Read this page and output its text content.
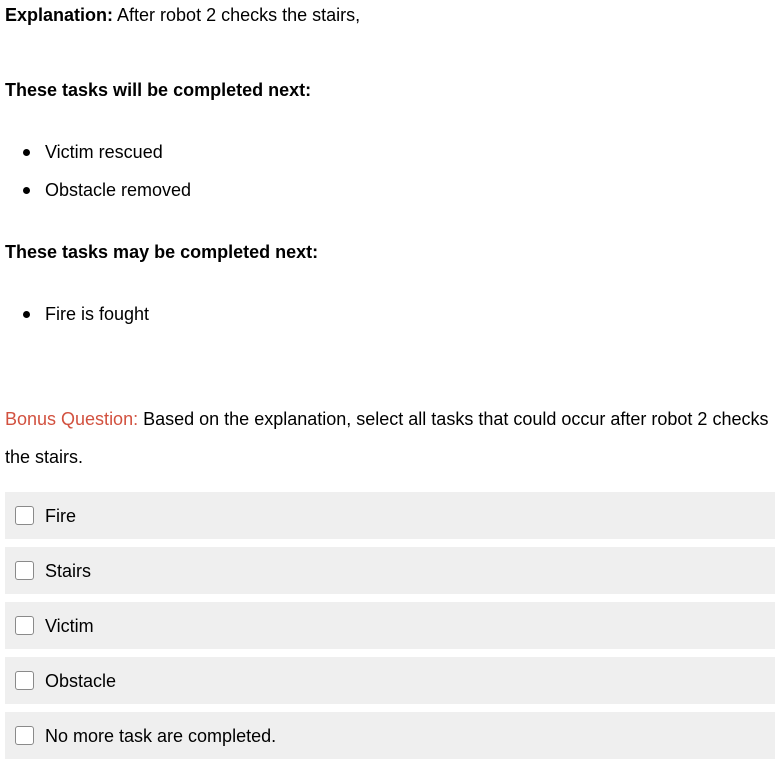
Explanation: After robot 2 checks the stairs,
These tasks will be completed next:
Victim rescued
Obstacle removed
These tasks may be completed next:
Fire is fought
Bonus Question: Based on the explanation, select all tasks that could occur after robot 2 checks the stairs.
Fire
Stairs
Victim
Obstacle
No more task are completed.
